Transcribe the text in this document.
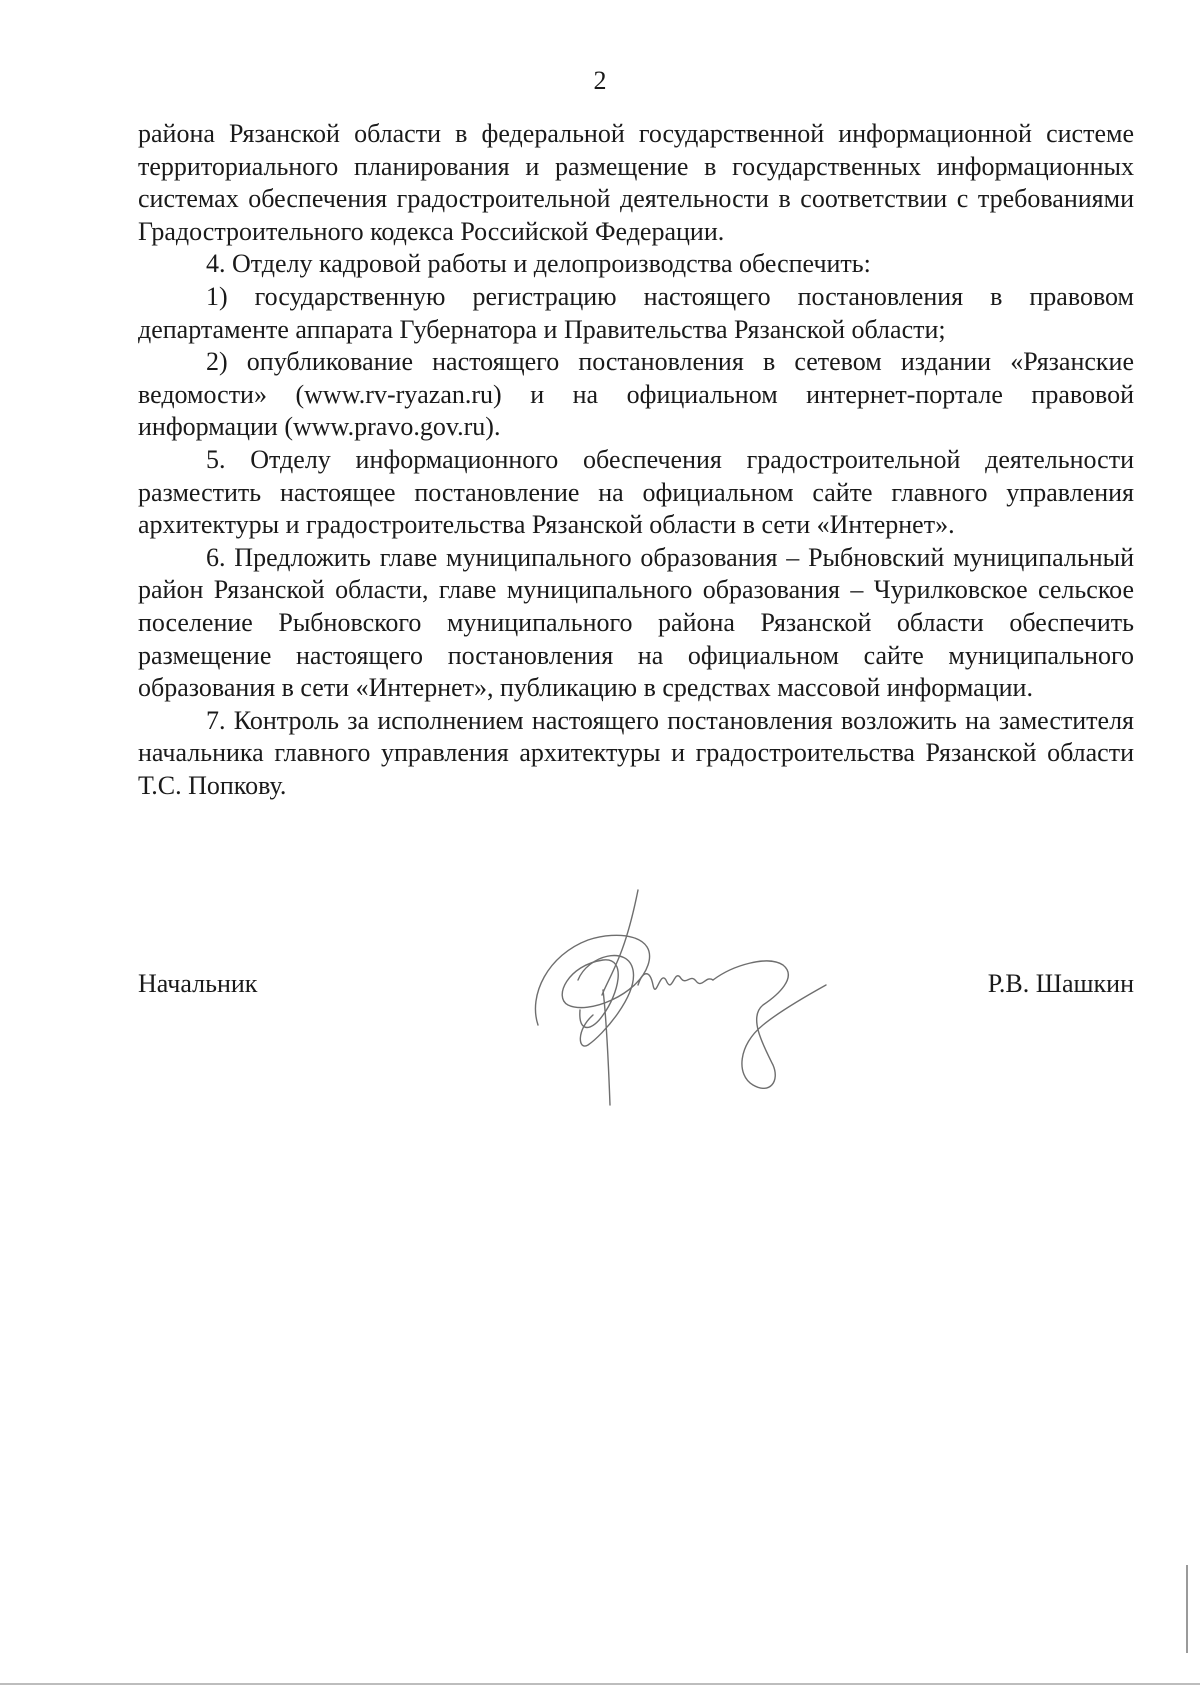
2

района Рязанской области в федеральной государственной информационной системе территориального планирования и размещение в государственных информационных системах обеспечения градостроительной деятельности в соответствии с требованиями Градостроительного кодекса Российской Федерации.

4. Отделу кадровой работы и делопроизводства обеспечить:

1) государственную регистрацию настоящего постановления в правовом департаменте аппарата Губернатора и Правительства Рязанской области;

2) опубликование настоящего постановления в сетевом издании «Рязанские ведомости» (www.rv-ryazan.ru) и на официальном интернет-портале правовой информации (www.pravo.gov.ru).

5. Отделу информационного обеспечения градостроительной деятельности разместить настоящее постановление на официальном сайте главного управления архитектуры и градостроительства Рязанской области в сети «Интернет».

6. Предложить главе муниципального образования – Рыбновский муниципальный район Рязанской области, главе муниципального образования – Чурилковское сельское поселение Рыбновского муниципального района Рязанской области обеспечить размещение настоящего постановления на официальном сайте муниципального образования в сети «Интернет», публикацию в средствах массовой информации.

7. Контроль за исполнением настоящего постановления возложить на заместителя начальника главного управления архитектуры и градостроительства Рязанской области Т.С. Попкову.

Начальник	Р.В. Шашкин
